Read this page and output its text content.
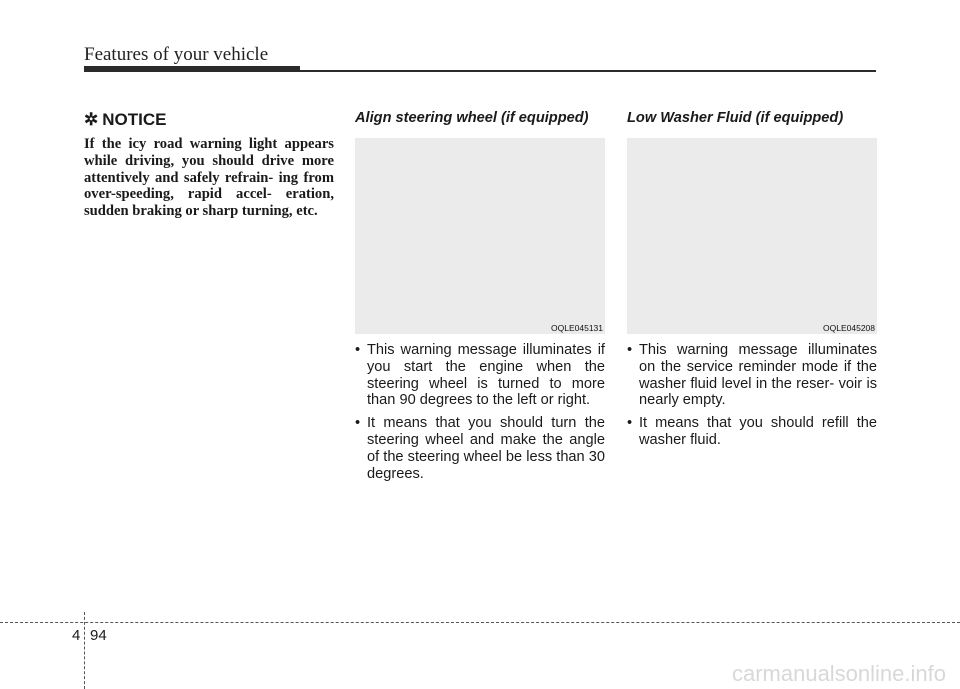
Features of your vehicle
✲ NOTICE

If the icy road warning light appears while driving, you should drive more attentively and safely refrain- ing from over-speeding, rapid accel- eration, sudden braking or sharp turning, etc.

Align steering wheel (if equipped)
OQLE045131
• This warning message illuminates if you start the engine when the steering wheel is turned to more than 90 degrees to the left or right.
• It means that you should turn the steering wheel and make the angle of the steering wheel be less than 30 degrees.
Low Washer Fluid (if equipped)
OQLE045208
• This warning message illuminates on the service reminder mode if the washer fluid level in the reser- voir is nearly empty.
• It means that you should refill the washer fluid.
4 94
carmanualsonline.info
